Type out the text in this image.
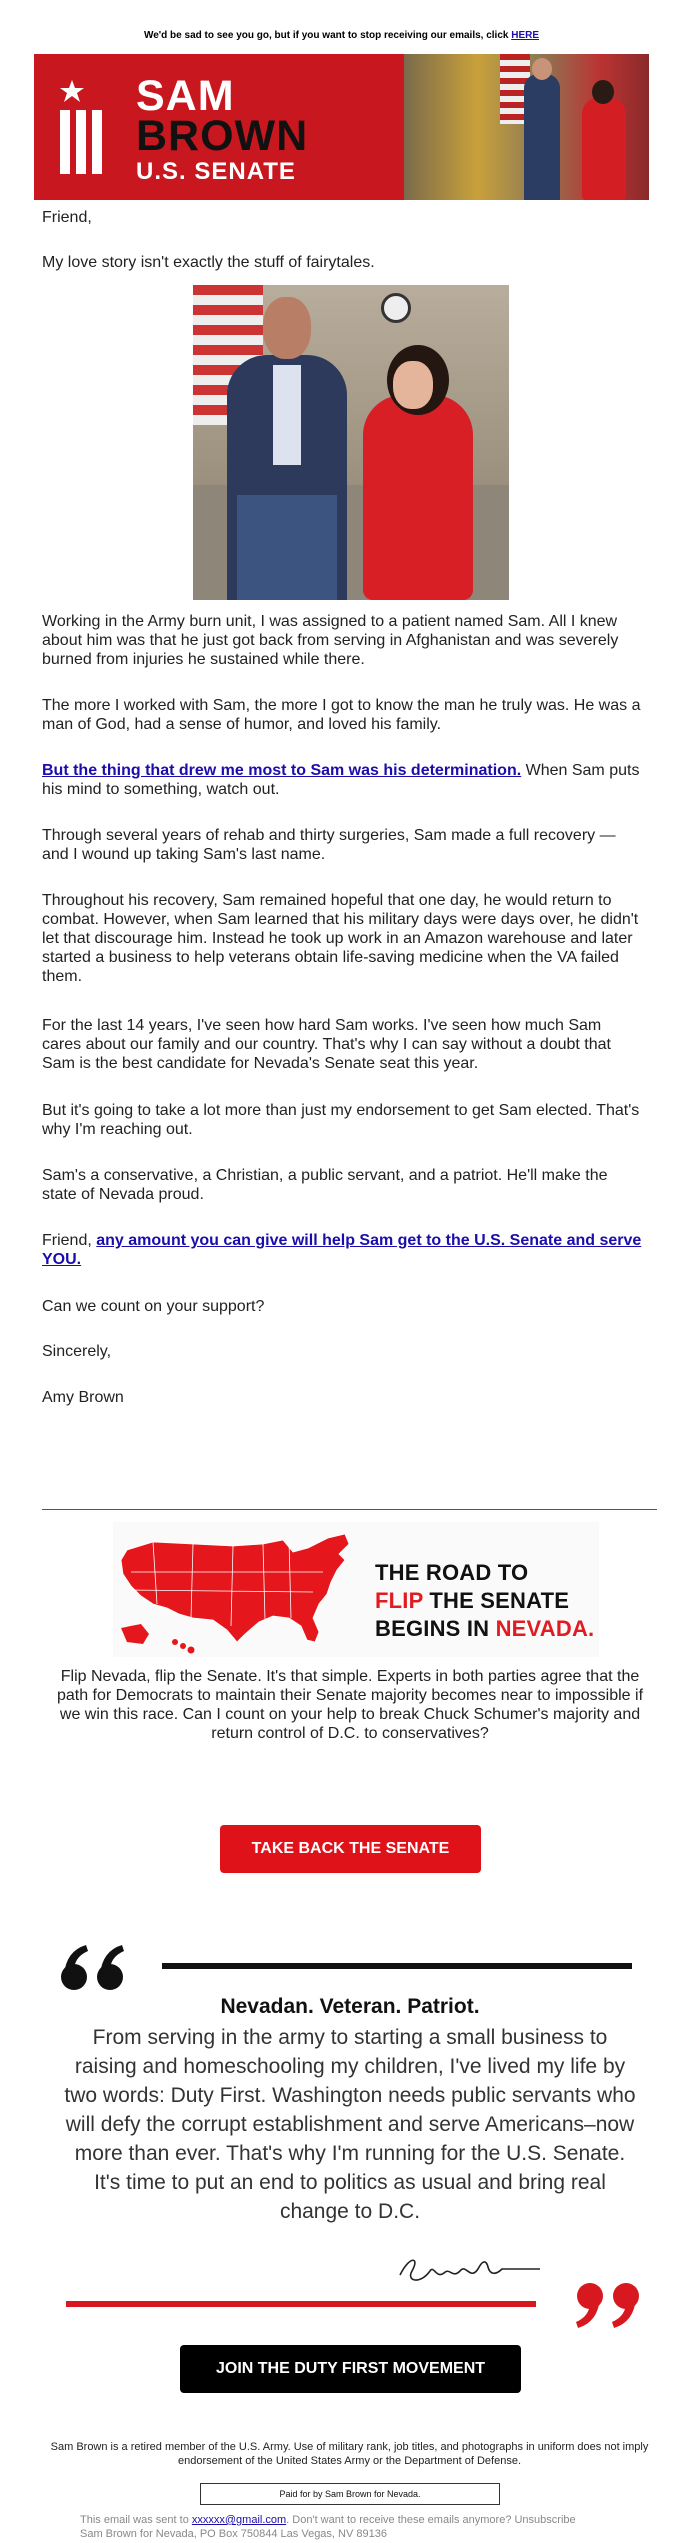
We'd be sad to see you go, but if you want to stop receiving our emails, click HERE
SAM
BROWN
U.S. SENATE
Friend,
My love story isn't exactly the stuff of fairytales.
Working in the Army burn unit, I was assigned to a patient named Sam. All I knew about him was that he just got back from serving in Afghanistan and was severely burned from injuries he sustained while there.
The more I worked with Sam, the more I got to know the man he truly was. He was a man of God, had a sense of humor, and loved his family.
But the thing that drew me most to Sam was his determination. When Sam puts his mind to something, watch out.
Through several years of rehab and thirty surgeries, Sam made a full recovery — and I wound up taking Sam's last name.
Throughout his recovery, Sam remained hopeful that one day, he would return to combat. However, when Sam learned that his military days were days over, he didn't let that discourage him. Instead he took up work in an Amazon warehouse and later started a business to help veterans obtain life-saving medicine when the VA failed them.
For the last 14 years, I've seen how hard Sam works. I've seen how much Sam cares about our family and our country. That's why I can say without a doubt that Sam is the best candidate for Nevada's Senate seat this year.
But it's going to take a lot more than just my endorsement to get Sam elected. That's why I'm reaching out.
Sam's a conservative, a Christian, a public servant, and a patriot. He'll make the state of Nevada proud.
Friend, any amount you can give will help Sam get to the U.S. Senate and serve YOU.
Can we count on your support?
Sincerely,
Amy Brown
THE ROAD TO
FLIP THE SENATE
BEGINS IN NEVADA.
Flip Nevada, flip the Senate. It's that simple. Experts in both parties agree that the path for Democrats to maintain their Senate majority becomes near to impossible if we win this race. Can I count on your help to break Chuck Schumer's majority and return control of D.C. to conservatives?
TAKE BACK THE SENATE
Nevadan. Veteran. Patriot.
From serving in the army to starting a small business to raising and homeschooling my children, I've lived my life by two words: Duty First. Washington needs public servants who will defy the corrupt establishment and serve Americans–now more than ever. That's why I'm running for the U.S. Senate. It's time to put an end to politics as usual and bring real change to D.C.
JOIN THE DUTY FIRST MOVEMENT
Sam Brown is a retired member of the U.S. Army. Use of military rank, job titles, and photographs in uniform does not imply endorsement of the United States Army or the Department of Defense.
Paid for by Sam Brown for Nevada.
This email was sent to xxxxxx@gmail.com. Don't want to receive these emails anymore? Unsubscribe
Sam Brown for Nevada, PO Box 750844 Las Vegas, NV 89136
